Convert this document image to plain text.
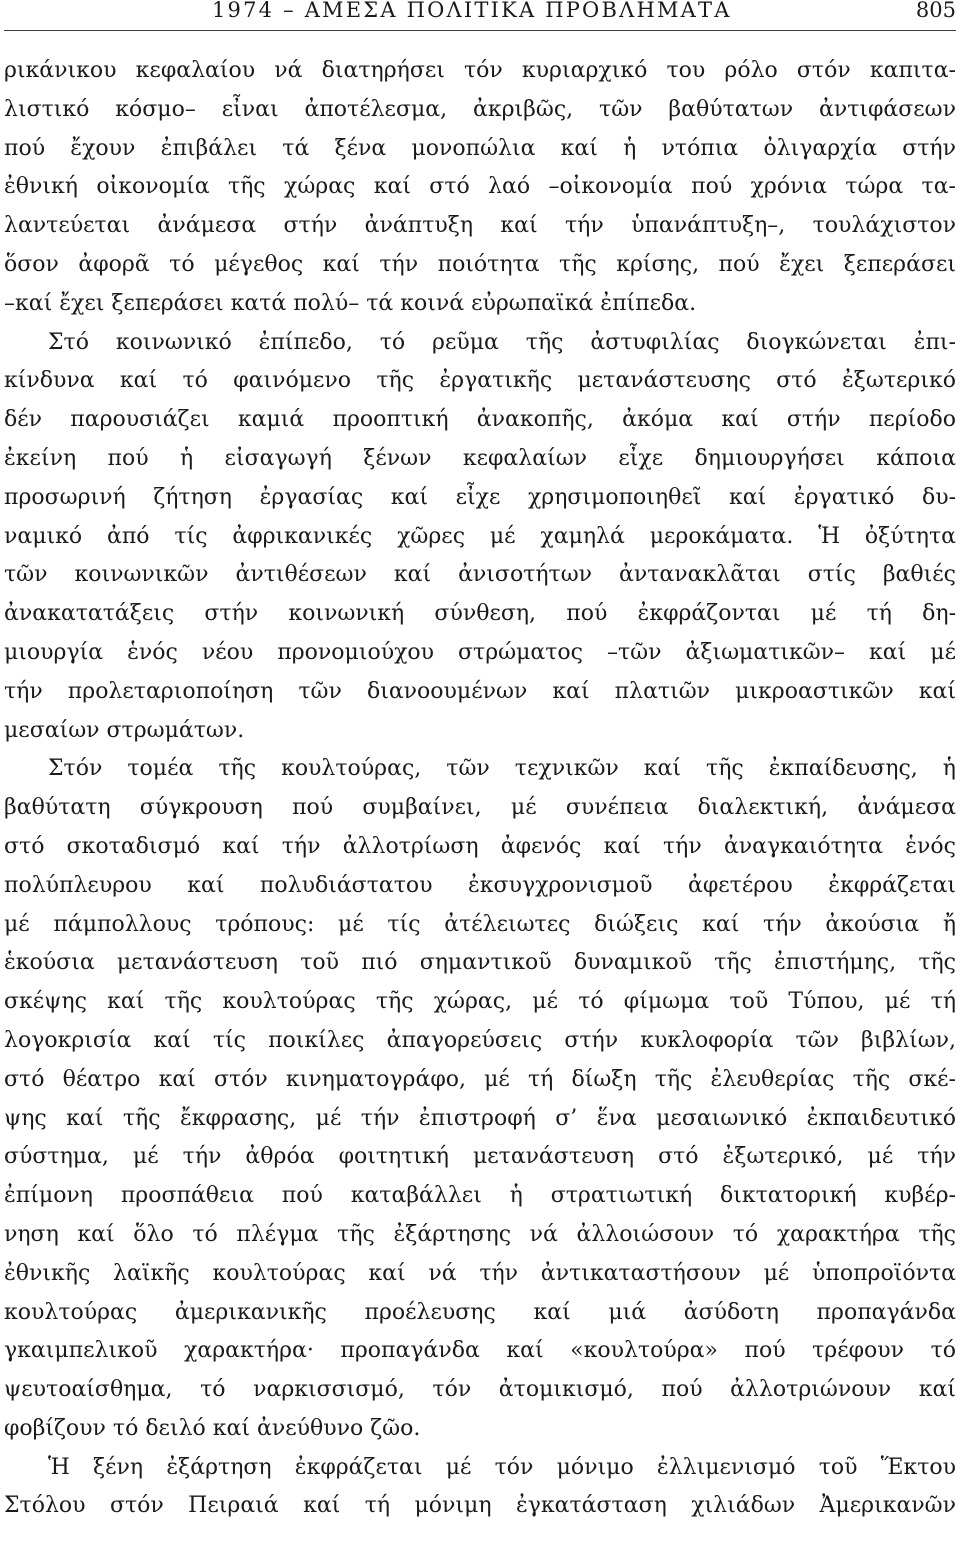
1974 – ΑΜΕΣΑ ΠΟΛΙΤΙΚΑ ΠΡΟΒΛΗΜΑΤΑ	805
ρικάνικου κεφαλαίου νά διατηρήσει τόν κυριαρχικό του ρόλο στόν καπιτα-
λιστικό κόσμο– εἶναι ἀποτέλεσμα, ἀκριβῶς, τῶν βαθύτατων ἀντιφάσεων
πού ἔχουν ἐπιβάλει τά ξένα μονοπώλια καί ἡ ντόπια ὀλιγαρχία στήν
ἐθνική οἰκονομία τῆς χώρας καί στό λαό –οἰκονομία πού χρόνια τώρα τα-
λαντεύεται ἀνάμεσα στήν ἀνάπτυξη καί τήν ὑπανάπτυξη–, τουλάχιστον
ὅσον ἀφορᾶ τό μέγεθος καί τήν ποιότητα τῆς κρίσης, πού ἔχει ξεπεράσει
–καί ἔχει ξεπεράσει κατά πολύ– τά κοινά εὐρωπαϊκά ἐπίπεδα.
Στό κοινωνικό ἐπίπεδο, τό ρεῦμα τῆς ἀστυφιλίας διογκώνεται ἐπι-
κίνδυνα καί τό φαινόμενο τῆς ἐργατικῆς μετανάστευσης στό ἐξωτερικό
δέν παρουσιάζει καμιά προοπτική ἀνακοπῆς, ἀκόμα καί στήν περίοδο
ἐκείνη πού ἡ εἰσαγωγή ξένων κεφαλαίων εἶχε δημιουργήσει κάποια
προσωρινή ζήτηση ἐργασίας καί εἶχε χρησιμοποιηθεῖ καί ἐργατικό δυ-
ναμικό ἀπό τίς ἀφρικανικές χῶρες μέ χαμηλά μεροκάματα. Ἡ ὀξύτητα
τῶν κοινωνικῶν ἀντιθέσεων καί ἀνισοτήτων ἀντανακλᾶται στίς βαθιές
ἀνακατατάξεις στήν κοινωνική σύνθεση, πού ἐκφράζονται μέ τή δη-
μιουργία ἑνός νέου προνομιούχου στρώματος –τῶν ἀξιωματικῶν– καί μέ
τήν προλεταριοποίηση τῶν διανοουμένων καί πλατιῶν μικροαστικῶν καί
μεσαίων στρωμάτων.
Στόν τομέα τῆς κουλτούρας, τῶν τεχνικῶν καί τῆς ἐκπαίδευσης, ἡ
βαθύτατη σύγκρουση πού συμβαίνει, μέ συνέπεια διαλεκτική, ἀνάμεσα
στό σκοταδισμό καί τήν ἀλλοτρίωση ἀφενός καί τήν ἀναγκαιότητα ἑνός
πολύπλευρου καί πολυδιάστατου ἐκσυγχρονισμοῦ ἀφετέρου ἐκφράζεται
μέ πάμπολλους τρόπους: μέ τίς ἀτέλειωτες διώξεις καί τήν ἀκούσια ἤ
ἑκούσια μετανάστευση τοῦ πιό σημαντικοῦ δυναμικοῦ τῆς ἐπιστήμης, τῆς
σκέψης καί τῆς κουλτούρας τῆς χώρας, μέ τό φίμωμα τοῦ Τύπου, μέ τή
λογοκρισία καί τίς ποικίλες ἀπαγορεύσεις στήν κυκλοφορία τῶν βιβλίων,
στό θέατρο καί στόν κινηματογράφο, μέ τή δίωξη τῆς ἐλευθερίας τῆς σκέ-
ψης καί τῆς ἔκφρασης, μέ τήν ἐπιστροφή σ’ ἕνα μεσαιωνικό ἐκπαιδευτικό
σύστημα, μέ τήν ἀθρόα φοιτητική μετανάστευση στό ἐξωτερικό, μέ τήν
ἐπίμονη προσπάθεια πού καταβάλλει ἡ στρατιωτική δικτατορική κυβέρ-
νηση καί ὅλο τό πλέγμα τῆς ἐξάρτησης νά ἀλλοιώσουν τό χαρακτήρα τῆς
ἐθνικῆς λαϊκῆς κουλτούρας καί νά τήν ἀντικαταστήσουν μέ ὑποπροϊόντα
κουλτούρας ἀμερικανικῆς προέλευσης καί μιά ἀσύδοτη προπαγάνδα
γκαιμπελικοῦ χαρακτήρα· προπαγάνδα καί «κουλτούρα» πού τρέφουν τό
ψευτοαίσθημα, τό ναρκισσισμό, τόν ἀτομικισμό, πού ἀλλοτριώνουν καί
φοβίζουν τό δειλό καί ἀνεύθυνο ζῶο.
Ἡ ξένη ἐξάρτηση ἐκφράζεται μέ τόν μόνιμο ἐλλιμενισμό τοῦ Ἕκτου
Στόλου στόν Πειραιά καί τή μόνιμη ἐγκατάσταση χιλιάδων Ἀμερικανῶν
